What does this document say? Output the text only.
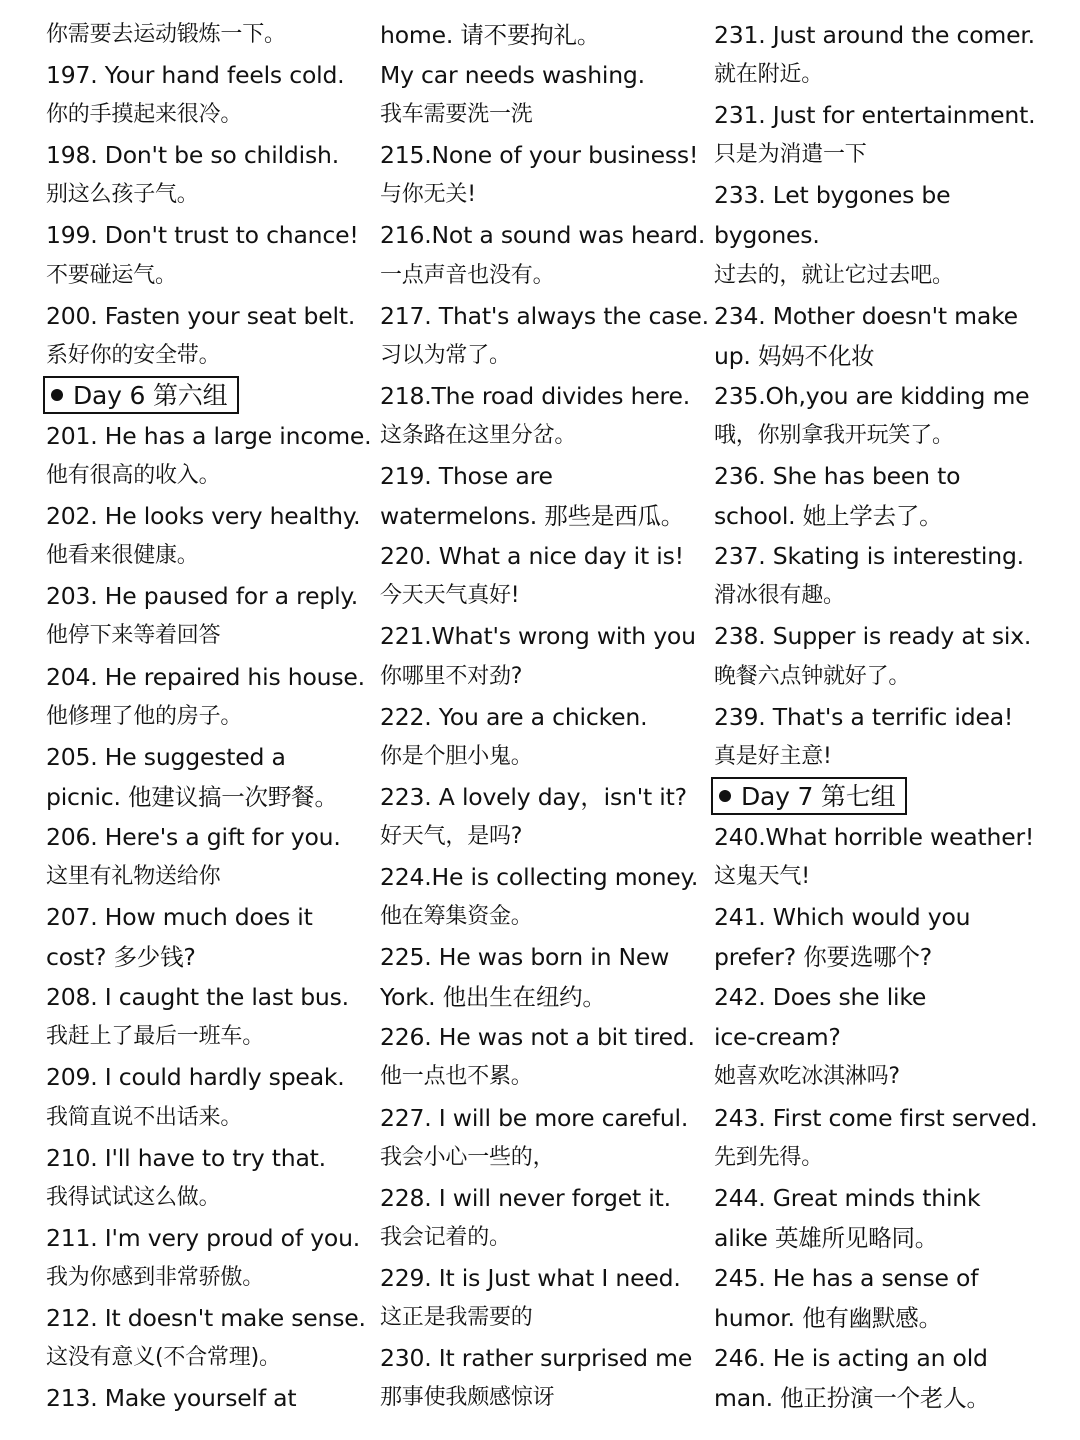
你需要去运动锻炼一下。
197. Your hand feels cold.
你的手摸起来很冷。
198. Don't be so childish.
别这么孩子气。
199. Don't trust to chance!
不要碰运气。
200. Fasten your seat belt.
系好你的安全带。
Day 6 第六组
201. He has a large income.
他有很高的收入。
202. He looks very healthy.
他看来很健康。
203. He paused for a reply.
他停下来等着回答
204. He repaired his house.
他修理了他的房子。
205. He suggested a
picnic. 他建议搞一次野餐。
206. Here's a gift for you.
这里有礼物送给你
207. How much does it
cost? 多少钱?
208. I caught the last bus.
我赶上了最后一班车。
209. I could hardly speak.
我简直说不出话来。
210. I'll have to try that.
我得试试这么做。
211. I'm very proud of you.
我为你感到非常骄傲。
212. It doesn't make sense.
这没有意义(不合常理)。
213. Make yourself at
home. 请不要拘礼。
My car needs washing.
我车需要洗一洗
215.None of your business!
与你无关!
216.Not a sound was heard.
一点声音也没有。
217. That's always the case.
习以为常了。
218.The road divides here.
这条路在这里分岔。
219. Those are
watermelons. 那些是西瓜。
220. What a nice day it is!
今天天气真好!
221.What's wrong with you
你哪里不对劲?
222. You are a chicken.
你是个胆小鬼。
223. A lovely day，isn't it?
好天气，是吗?
224.He is collecting money.
他在筹集资金。
225. He was born in New
York. 他出生在纽约。
226. He was not a bit tired.
他一点也不累。
227. I will be more careful.
我会小心一些的，
228. I will never forget it.
我会记着的。
229. It is Just what I need.
这正是我需要的
230. It rather surprised me
那事使我颇感惊讶
231. Just around the comer.
就在附近。
231. Just for entertainment.
只是为消遣一下
233. Let bygones be
bygones.
过去的，就让它过去吧。
234. Mother doesn't make
up. 妈妈不化妆
235.Oh,you are kidding me
哦，你别拿我开玩笑了。
236. She has been to
school. 她上学去了。
237. Skating is interesting.
滑冰很有趣。
238. Supper is ready at six.
晚餐六点钟就好了。
239. That's a terrific idea!
真是好主意!
Day 7 第七组
240.What horrible weather!
这鬼天气!
241. Which would you
prefer? 你要选哪个?
242. Does she like
ice-cream?
她喜欢吃冰淇淋吗?
243. First come first served.
先到先得。
244. Great minds think
alike 英雄所见略同。
245. He has a sense of
humor. 他有幽默感。
246. He is acting an old
man. 他正扮演一个老人。
